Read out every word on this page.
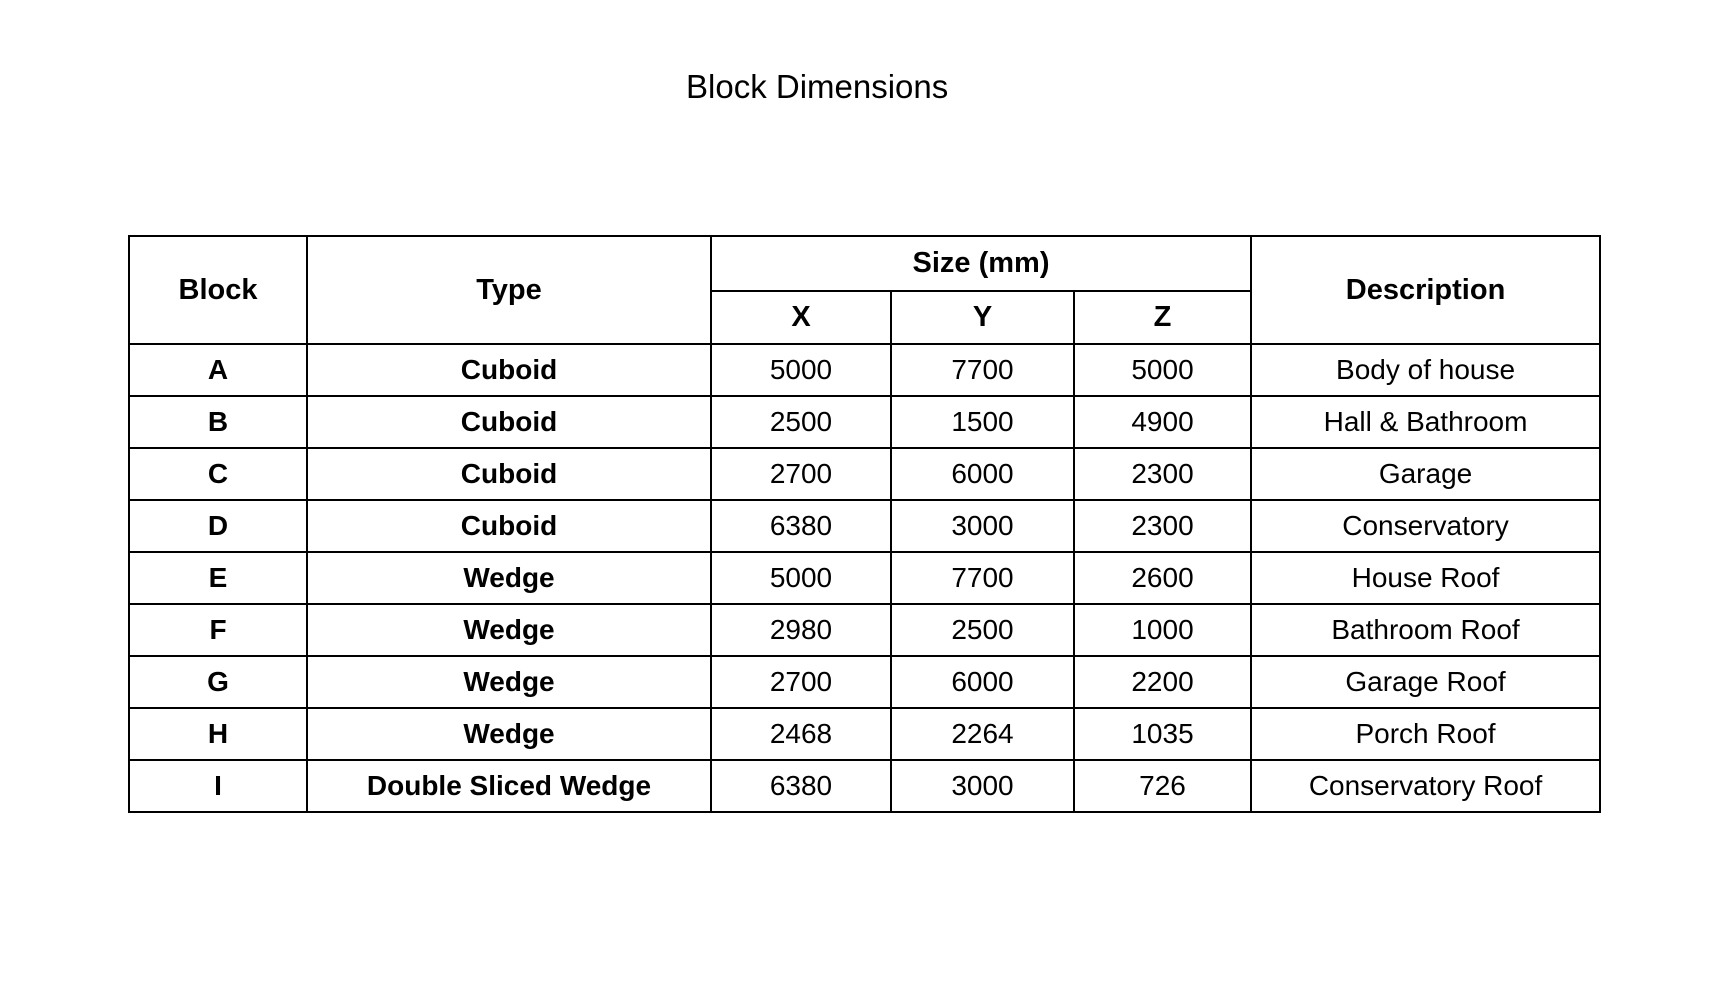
Block Dimensions
Block	Type	Size (mm)			Description
		X	Y	Z	
A	Cuboid	5000	7700	5000	Body of house
B	Cuboid	2500	1500	4900	Hall & Bathroom
C	Cuboid	2700	6000	2300	Garage
D	Cuboid	6380	3000	2300	Conservatory
E	Wedge	5000	7700	2600	House Roof
F	Wedge	2980	2500	1000	Bathroom Roof
G	Wedge	2700	6000	2200	Garage Roof
H	Wedge	2468	2264	1035	Porch Roof
I	Double Sliced Wedge	6380	3000	726	Conservatory Roof
